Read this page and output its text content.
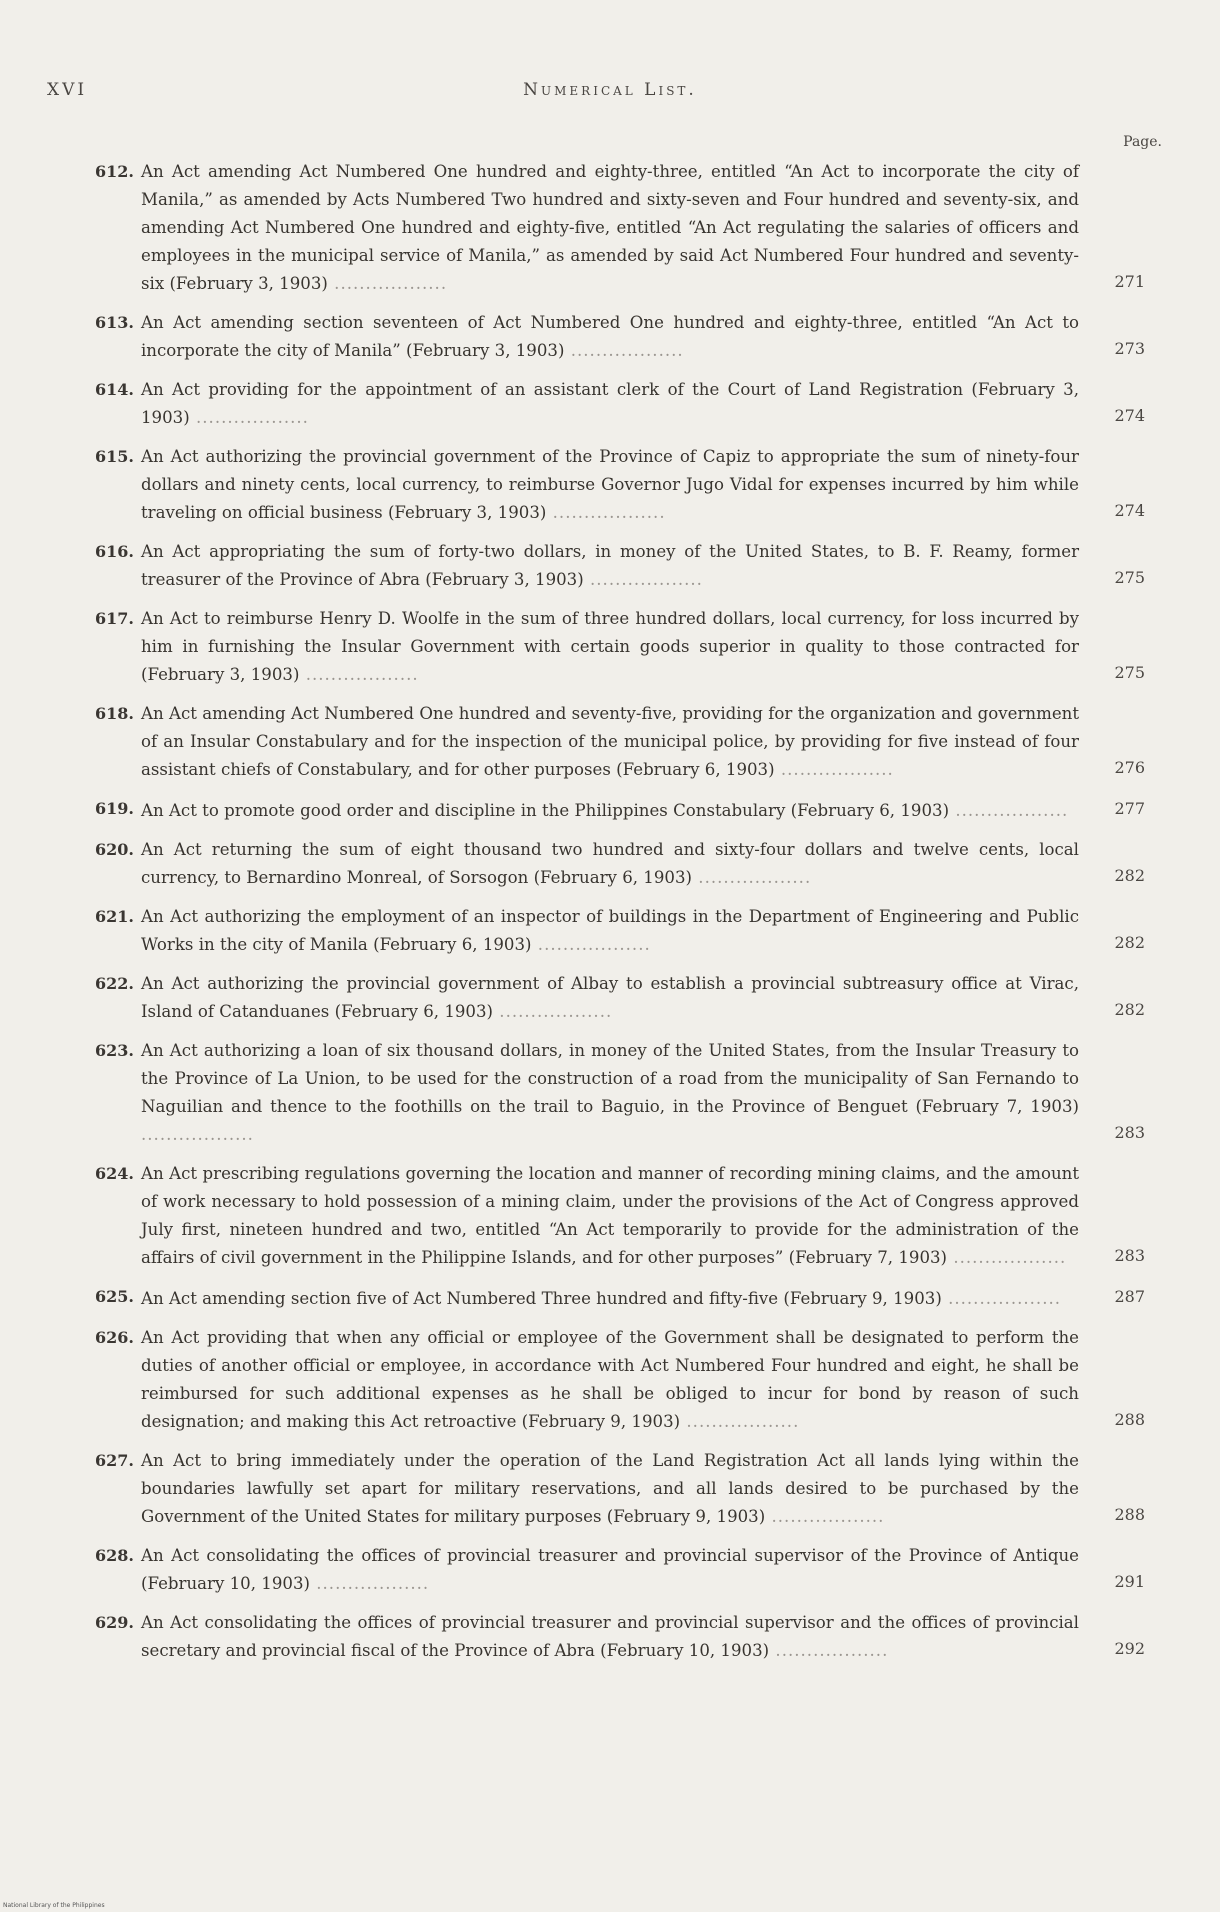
XVI	Numerical List.
Page.
612. An Act amending Act Numbered One hundred and eighty-three, entitled “An Act to incorporate the city of Manila,” as amended by Acts Numbered Two hundred and sixty-seven and Four hundred and seventy-six, and amending Act Numbered One hundred and eighty-five, entitled “An Act regulating the salaries of officers and employees in the municipal service of Manila,” as amended by said Act Numbered Four hundred and seventy-six (February 3, 1903) ..................	271
613. An Act amending section seventeen of Act Numbered One hundred and eighty-three, entitled “An Act to incorporate the city of Manila” (February 3, 1903) ..................	273
614. An Act providing for the appointment of an assistant clerk of the Court of Land Registration (February 3, 1903) ..................	274
615. An Act authorizing the provincial government of the Province of Capiz to appropriate the sum of ninety-four dollars and ninety cents, local currency, to reimburse Governor Jugo Vidal for expenses incurred by him while traveling on official business (February 3, 1903) ..................	274
616. An Act appropriating the sum of forty-two dollars, in money of the United States, to B. F. Reamy, former treasurer of the Province of Abra (February 3, 1903) ..................	275
617. An Act to reimburse Henry D. Woolfe in the sum of three hundred dollars, local currency, for loss incurred by him in furnishing the Insular Government with certain goods superior in quality to those contracted for (February 3, 1903) ..................	275
618. An Act amending Act Numbered One hundred and seventy-five, providing for the organization and government of an Insular Constabulary and for the inspection of the municipal police, by providing for five instead of four assistant chiefs of Constabulary, and for other purposes (February 6, 1903) ..................	276
619. An Act to promote good order and discipline in the Philippines Constabulary (February 6, 1903) ..................	277
620. An Act returning the sum of eight thousand two hundred and sixty-four dollars and twelve cents, local currency, to Bernardino Monreal, of Sorsogon (February 6, 1903) ..................	282
621. An Act authorizing the employment of an inspector of buildings in the Department of Engineering and Public Works in the city of Manila (February 6, 1903) ..................	282
622. An Act authorizing the provincial government of Albay to establish a provincial subtreasury office at Virac, Island of Catanduanes (February 6, 1903) ..................	282
623. An Act authorizing a loan of six thousand dollars, in money of the United States, from the Insular Treasury to the Province of La Union, to be used for the construction of a road from the municipality of San Fernando to Naguilian and thence to the foothills on the trail to Baguio, in the Province of Benguet (February 7, 1903) ..................	283
624. An Act prescribing regulations governing the location and manner of recording mining claims, and the amount of work necessary to hold possession of a mining claim, under the provisions of the Act of Congress approved July first, nineteen hundred and two, entitled “An Act temporarily to provide for the administration of the affairs of civil government in the Philippine Islands, and for other purposes” (February 7, 1903) ..................	283
625. An Act amending section five of Act Numbered Three hundred and fifty-five (February 9, 1903) ..................	287
626. An Act providing that when any official or employee of the Government shall be designated to perform the duties of another official or employee, in accordance with Act Numbered Four hundred and eight, he shall be reimbursed for such additional expenses as he shall be obliged to incur for bond by reason of such designation; and making this Act retroactive (February 9, 1903) ..................	288
627. An Act to bring immediately under the operation of the Land Registration Act all lands lying within the boundaries lawfully set apart for military reservations, and all lands desired to be purchased by the Government of the United States for military purposes (February 9, 1903) ..................	288
628. An Act consolidating the offices of provincial treasurer and provincial supervisor of the Province of Antique (February 10, 1903) ..................	291
629. An Act consolidating the offices of provincial treasurer and provincial supervisor and the offices of provincial secretary and provincial fiscal of the Province of Abra (February 10, 1903) ..................	292
National Library of the Philippines
